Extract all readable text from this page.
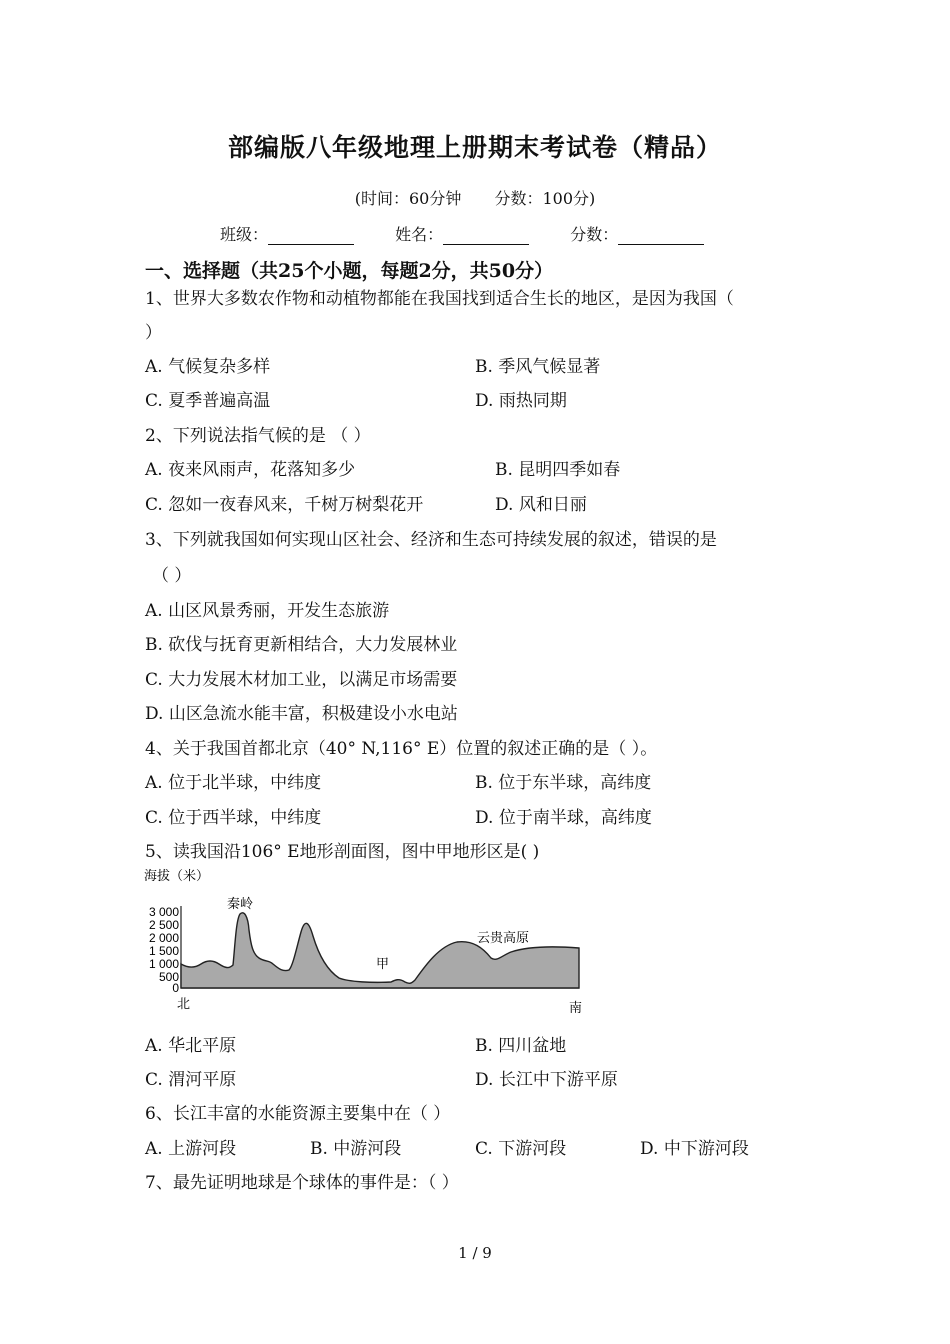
部编版八年级地理上册期末考试卷（精品）
(时间：60分钟 分数：100分)
班级：	姓名：	分数：
一、选择题（共25个小题，每题2分，共50分）
1、世界大多数农作物和动植物都能在我国找到适合生长的地区，是因为我国（
）
A. 气候复杂多样	B. 季风气候显著
C. 夏季普遍高温	D. 雨热同期
2、下列说法指气候的是 （ ）
A. 夜来风雨声，花落知多少	B. 昆明四季如春
C. 忽如一夜春风来，千树万树梨花开	D. 风和日丽
3、下列就我国如何实现山区社会、经济和生态可持续发展的叙述，错误的是
（ ）
A. 山区风景秀丽，开发生态旅游
B. 砍伐与抚育更新相结合，大力发展林业
C. 大力发展木材加工业，以满足市场需要
D. 山区急流水能丰富，积极建设小水电站
4、关于我国首都北京（40° N,116° E）位置的叙述正确的是（ ）。
A. 位于北半球，中纬度	B. 位于东半球，高纬度
C. 位于西半球，中纬度	D. 位于南半球，高纬度
5、读我国沿106° E地形剖面图，图中甲地形区是( )
海拔（米）
3 000
2 500
2 000
1 500
1 000
500
0
秦岭
甲
云贵高原
北	南
A. 华北平原	B. 四川盆地
C. 渭河平原	D. 长江中下游平原
6、长江丰富的水能资源主要集中在（ ）
A. 上游河段	B. 中游河段	C. 下游河段	D. 中下游河段
7、最先证明地球是个球体的事件是：（ ）
1 / 9
